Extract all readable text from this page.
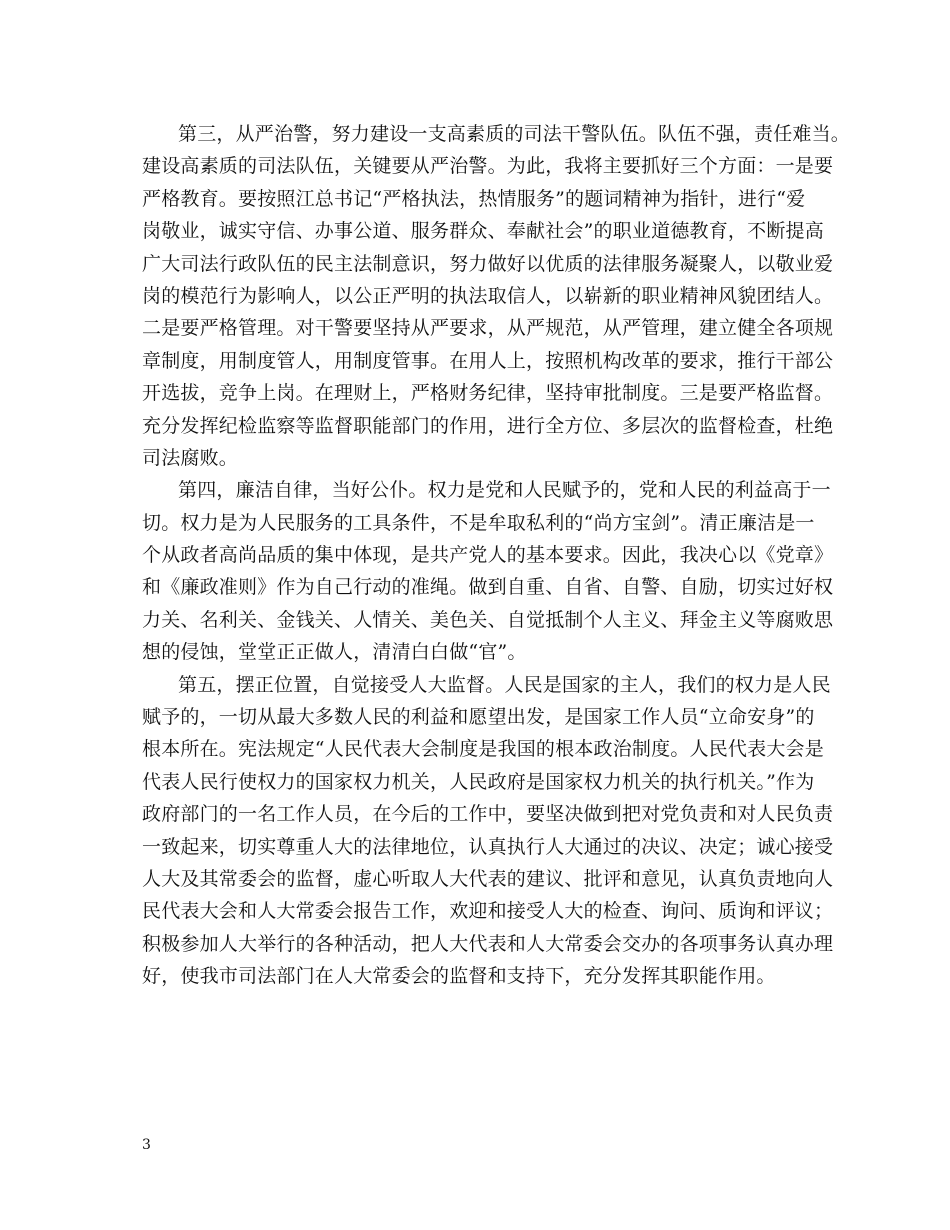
第三，从严治警，努力建设一支高素质的司法干警队伍。队伍不强，责任难当。
建设高素质的司法队伍，关键要从严治警。为此，我将主要抓好三个方面：一是要
严格教育。要按照江总书记“严格执法，热情服务”的题词精神为指针，进行“爱
岗敬业，诚实守信、办事公道、服务群众、奉献社会”的职业道德教育，不断提高
广大司法行政队伍的民主法制意识，努力做好以优质的法律服务凝聚人，以敬业爱
岗的模范行为影响人，以公正严明的执法取信人，以崭新的职业精神风貌团结人。
二是要严格管理。对干警要坚持从严要求，从严规范，从严管理，建立健全各项规
章制度，用制度管人，用制度管事。在用人上，按照机构改革的要求，推行干部公
开选拔，竞争上岗。在理财上，严格财务纪律，坚持审批制度。三是要严格监督。
充分发挥纪检监察等监督职能部门的作用，进行全方位、多层次的监督检查，杜绝
司法腐败。
第四，廉洁自律，当好公仆。权力是党和人民赋予的，党和人民的利益高于一
切。权力是为人民服务的工具条件，不是牟取私利的“尚方宝剑”。清正廉洁是一
个从政者高尚品质的集中体现，是共产党人的基本要求。因此，我决心以《党章》
和《廉政准则》作为自己行动的准绳。做到自重、自省、自警、自励，切实过好权
力关、名利关、金钱关、人情关、美色关、自觉抵制个人主义、拜金主义等腐败思
想的侵蚀，堂堂正正做人，清清白白做“官”。
第五，摆正位置，自觉接受人大监督。人民是国家的主人，我们的权力是人民
赋予的，一切从最大多数人民的利益和愿望出发，是国家工作人员“立命安身”的
根本所在。宪法规定“人民代表大会制度是我国的根本政治制度。人民代表大会是
代表人民行使权力的国家权力机关，人民政府是国家权力机关的执行机关。”作为
政府部门的一名工作人员，在今后的工作中，要坚决做到把对党负责和对人民负责
一致起来，切实尊重人大的法律地位，认真执行人大通过的决议、决定；诚心接受
人大及其常委会的监督，虚心听取人大代表的建议、批评和意见，认真负责地向人
民代表大会和人大常委会报告工作，欢迎和接受人大的检查、询问、质询和评议；
积极参加人大举行的各种活动，把人大代表和人大常委会交办的各项事务认真办理
好，使我市司法部门在人大常委会的监督和支持下，充分发挥其职能作用。
3
